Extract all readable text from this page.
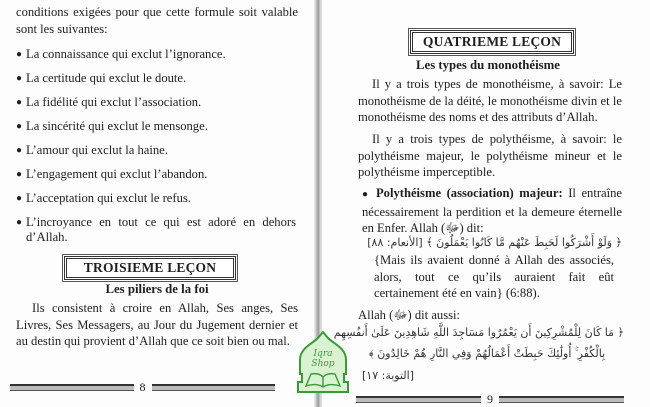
conditions exigées pour que cette formule soit valable sont les suivantes:
● La connaissance qui exclut l’ignorance.
● La certitude qui exclut le doute.
● La fidélité qui exclut l’association.
● La sincérité qui exclut le mensonge.
● L’amour qui exclut la haine.
● L’engagement qui exclut l’abandon.
● L’acceptation qui exclut le refus.
● L’incroyance en tout ce qui est adoré en dehors d’Allah.
TROISIEME LEÇON
Les piliers de la foi
Ils consistent à croire en Allah, Ses anges, Ses Livres, Ses Messagers, au Jour du Jugement dernier et au destin qui provient d’Allah que ce soit bien ou mal.
8
QUATRIEME LEÇON
Les types du monothéisme
Il y a trois types de monothéisme, à savoir: Le monothéisme de la déité, le monothéisme divin et le monothéisme des noms et des attributs d’Allah.
Il y a trois types de polythéisme, à savoir: le polythéisme majeur, le polythéisme mineur et le polythéisme imperceptible.
● Polythéisme (association) majeur: Il entraîne nécessairement la perdition et la demeure éternelle en Enfer. Allah (ﷻ) dit:
﴿ وَلَوْ أَشْرَكُوا لَحَبِطَ عَنْهُم مَّا كَانُوا يَعْمَلُونَ ﴾ [الأنعام: ٨٨]
{Mais ils avaient donné à Allah des associés, alors, tout ce qu’ils auraient fait eût certainement été en vain} (6:88).
Allah (ﷻ) dit aussi:
﴿ مَا كَانَ لِلْمُشْرِكِينَ أَن يَعْمُرُوا مَسَاجِدَ اللَّهِ شَاهِدِينَ عَلَىٰ أَنفُسِهِم
بِالْكُفْرِ ۚ أُولَٰئِكَ حَبِطَتْ أَعْمَالُهُمْ وَفِي النَّارِ هُمْ خَالِدُونَ ﴾
[التوبة: ١٧]
9
Iqra
Shop
